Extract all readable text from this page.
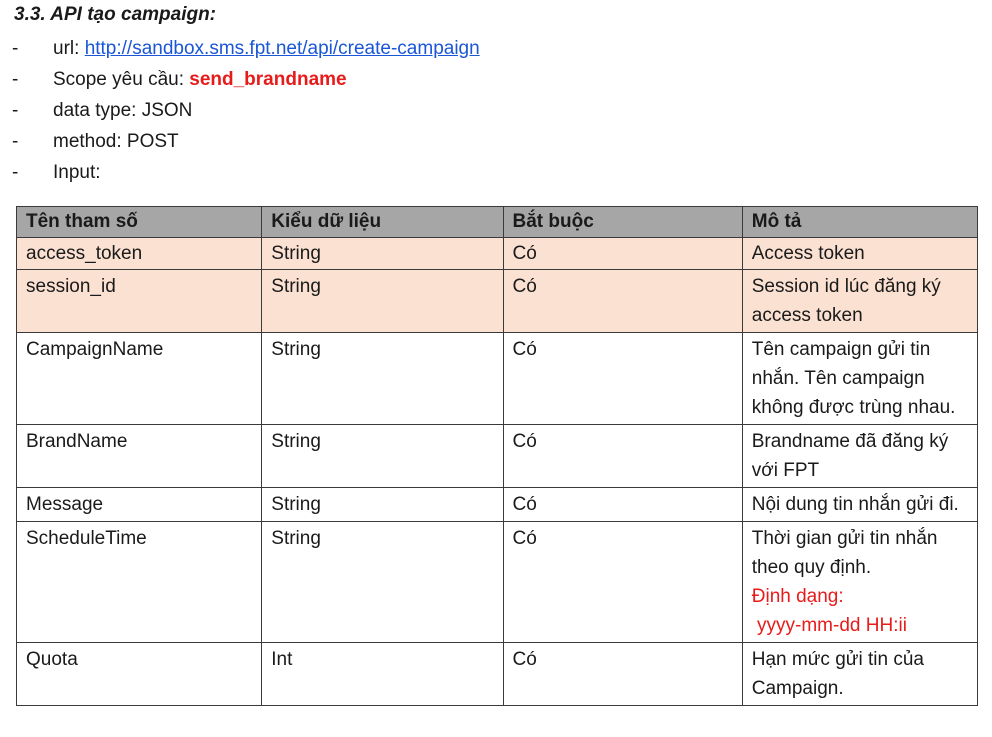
3.3. API tạo campaign:
- url: http://sandbox.sms.fpt.net/api/create-campaign
- Scope yêu cầu: send_brandname
- data type: JSON
- method: POST
- Input:
Tên tham số	Kiểu dữ liệu	Bắt buộc	Mô tả
access_token	String	Có	Access token
session_id	String	Có	Session id lúc đăng ký access token
CampaignName	String	Có	Tên campaign gửi tin nhắn. Tên campaign không được trùng nhau.
BrandName	String	Có	Brandname đã đăng ký với FPT
Message	String	Có	Nội dung tin nhắn gửi đi.
ScheduleTime	String	Có	Thời gian gửi tin nhắn theo quy định.
Định dạng:
yyyy-mm-dd HH:ii

Quota	Int	Có	Hạn mức gửi tin của Campaign.
